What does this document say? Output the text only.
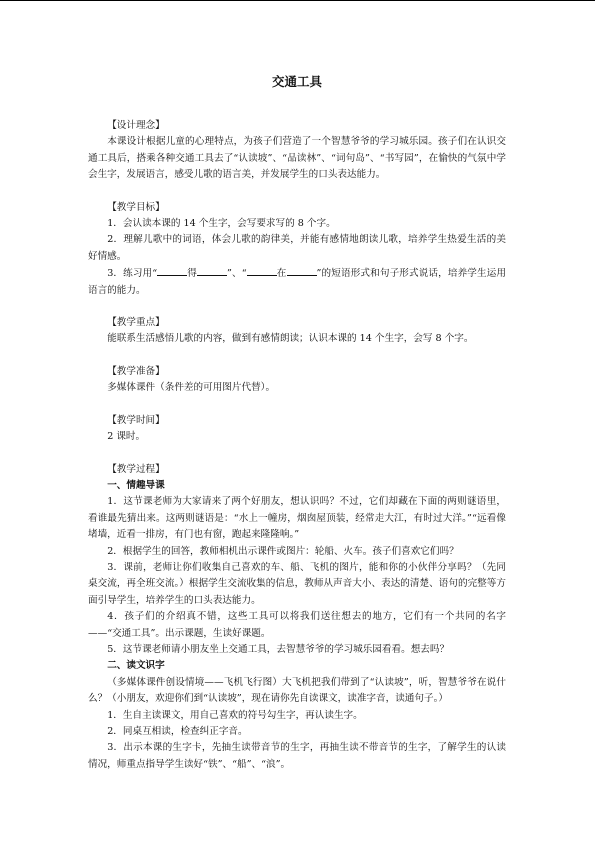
交通工具

【设计理念】

本课设计根据儿童的心理特点，为孩子们营造了一个智慧爷爷的学习城乐园。孩子们在认识交通工具后，搭乘各种交通工具去了“认读坡”、“品读林”、“词句岛”、“书写园”，在愉快的气氛中学会生字，发展语言，感受儿歌的语言美，并发展学生的口头表达能力。

【教学目标】

1．会认读本课的 14 个生字，会写要求写的 8 个字。

2．理解儿歌中的词语，体会儿歌的韵律美，并能有感情地朗读儿歌，培养学生热爱生活的美好情感。

3．练习用“	得	”、“	在	”的短语形式和句子形式说话，培养学生运用语言的能力。

【教学重点】

能联系生活感悟儿歌的内容，做到有感情朗读；认识本课的 14 个生字，会写 8 个字。

【教学准备】

多媒体课件（条件差的可用图片代替）。

【教学时间】

2 课时。

【教学过程】

一、情趣导课

1．这节课老师为大家请来了两个好朋友，想认识吗？不过，它们却藏在下面的两则谜语里，看谁最先猜出来。这两则谜语是：“水上一幢房，烟囱屋顶装，经常走大江，有时过大洋。”“远看像堵墙，近看一排房，有门也有窗，跑起来隆隆响。”

2．根据学生的回答，教师相机出示课件或图片：轮船、火车。孩子们喜欢它们吗？

3．课前，老师让你们收集自己喜欢的车、船、飞机的图片，能和你的小伙伴分享吗？（先同桌交流，再全班交流。）根据学生交流收集的信息，教师从声音大小、表达的清楚、语句的完整等方面引导学生，培养学生的口头表达能力。

4．孩子们的介绍真不错，这些工具可以将我们送往想去的地方，它们有一个共同的名字——“交通工具”。出示课题，生读好课题。

5．这节课老师请小朋友坐上交通工具，去智慧爷爷的学习城乐园看看。想去吗？

二、读文识字

（多媒体课件创设情境——飞机飞行图）大飞机把我们带到了“认读坡”，听，智慧爷爷在说什么？（小朋友，欢迎你们到“认读坡”，现在请你先自读课文，读准字音，读通句子。）

1．生自主读课文，用自己喜欢的符号勾生字，再认读生字。

2．同桌互相读，检查纠正字音。

3．出示本课的生字卡，先抽生读带音节的生字，再抽生读不带音节的生字，了解学生的认读情况，师重点指导学生读好“铁”、“船”、“浪”。
